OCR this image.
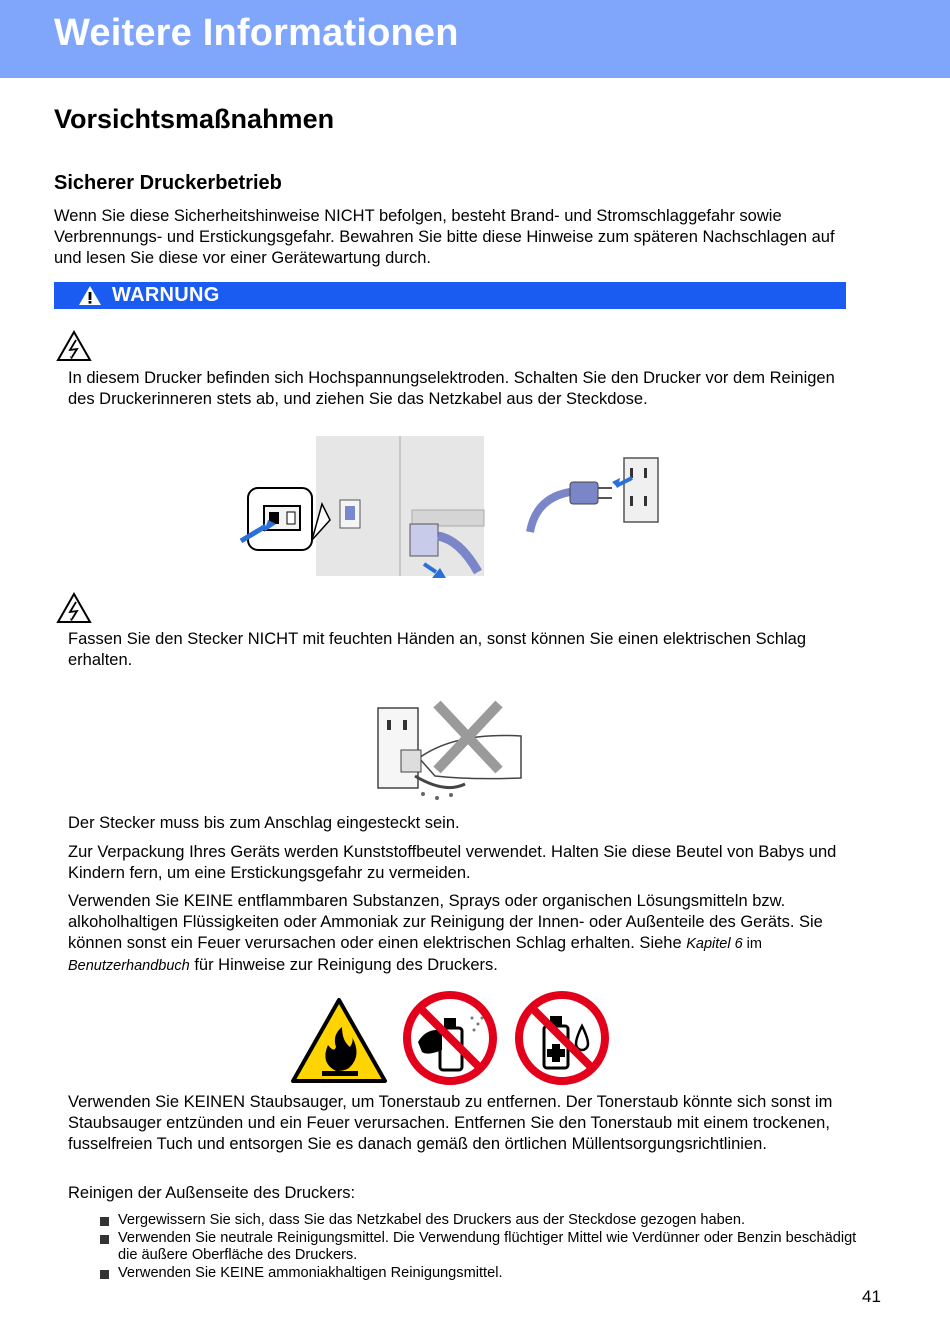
Weitere Informationen
Vorsichtsmaßnahmen
Sicherer Druckerbetrieb

Wenn Sie diese Sicherheitshinweise NICHT befolgen, besteht Brand- und Stromschlaggefahr sowie Verbrennungs- und Erstickungsgefahr. Bewahren Sie bitte diese Hinweise zum späteren Nachschlagen auf und lesen Sie diese vor einer Gerätewartung durch.

WARNUNG

In diesem Drucker befinden sich Hochspannungselektroden. Schalten Sie den Drucker vor dem Reinigen des Druckerinneren stets ab, und ziehen Sie das Netzkabel aus der Steckdose.

Fassen Sie den Stecker NICHT mit feuchten Händen an, sonst können Sie einen elektrischen Schlag erhalten.

Der Stecker muss bis zum Anschlag eingesteckt sein.

Zur Verpackung Ihres Geräts werden Kunststoffbeutel verwendet. Halten Sie diese Beutel von Babys und Kindern fern, um eine Erstickungsgefahr zu vermeiden.

Verwenden Sie KEINE entflammbaren Substanzen, Sprays oder organischen Lösungsmitteln bzw. alkoholhaltigen Flüssigkeiten oder Ammoniak zur Reinigung der Innen- oder Außenteile des Geräts. Sie können sonst ein Feuer verursachen oder einen elektrischen Schlag erhalten. Siehe Kapitel 6 im Benutzerhandbuch für Hinweise zur Reinigung des Druckers.

Verwenden Sie KEINEN Staubsauger, um Tonerstaub zu entfernen. Der Tonerstaub könnte sich sonst im Staubsauger entzünden und ein Feuer verursachen. Entfernen Sie den Tonerstaub mit einem trockenen, fusselfreien Tuch und entsorgen Sie es danach gemäß den örtlichen Müllentsorgungsrichtlinien.

Reinigen der Außenseite des Druckers:

Vergewissern Sie sich, dass Sie das Netzkabel des Druckers aus der Steckdose gezogen haben.
Verwenden Sie neutrale Reinigungsmittel. Die Verwendung flüchtiger Mittel wie Verdünner oder Benzin beschädigt die äußere Oberfläche des Druckers.
Verwenden Sie KEINE ammoniakhaltigen Reinigungsmittel.
41
